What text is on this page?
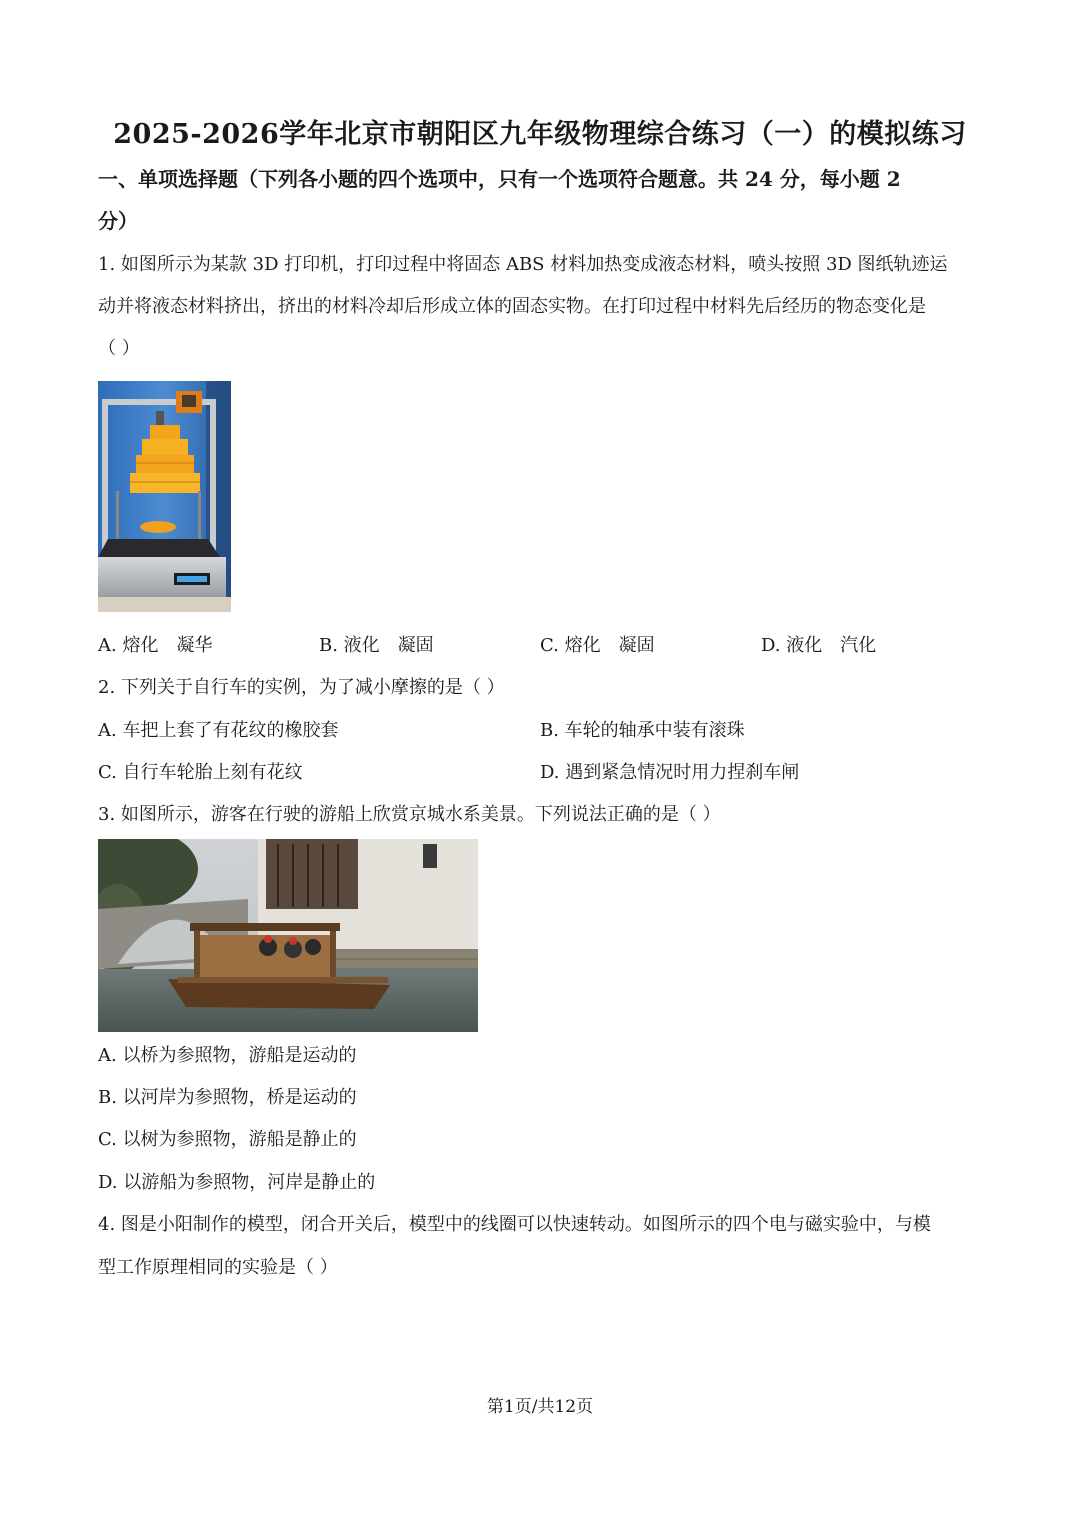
2025-2026学年北京市朝阳区九年级物理综合练习（一）的模拟练习
一、单项选择题（下列各小题的四个选项中，只有一个选项符合题意。共 24 分，每小题 2
分）
1. 如图所示为某款 3D 打印机，打印过程中将固态 ABS 材料加热变成液态材料，喷头按照 3D 图纸轨迹运
动并将液态材料挤出，挤出的材料冷却后形成立体的固态实物。在打印过程中材料先后经历的物态变化是
（ ）
A. 熔化　凝华	B. 液化　凝固	C. 熔化　凝固	D. 液化　汽化
2. 下列关于自行车的实例，为了减小摩擦的是（ ）
A. 车把上套了有花纹的橡胶套	B. 车轮的轴承中装有滚珠
C. 自行车轮胎上刻有花纹	D. 遇到紧急情况时用力捏刹车闸
3. 如图所示，游客在行驶的游船上欣赏京城水系美景。下列说法正确的是（ ）
A. 以桥为参照物，游船是运动的
B. 以河岸为参照物，桥是运动的
C. 以树为参照物，游船是静止的
D. 以游船为参照物，河岸是静止的
4. 图是小阳制作的模型，闭合开关后，模型中的线圈可以快速转动。如图所示的四个电与磁实验中，与模
型工作原理相同的实验是（ ）
第1页/共12页
